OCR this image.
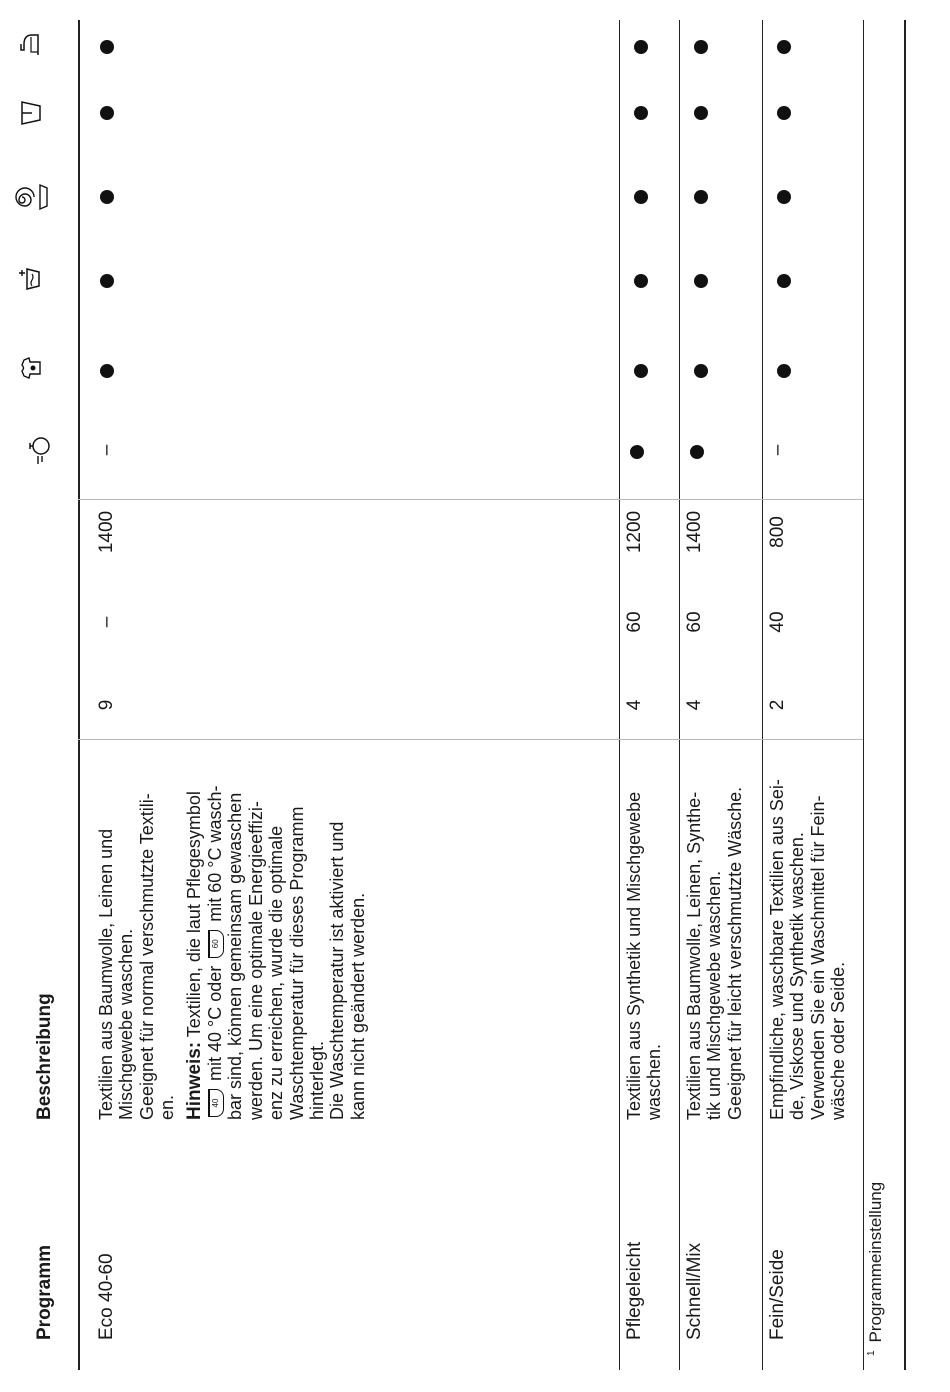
Programm
Beschreibung
Eco 40-60

Textilien aus Baumwolle, Leinen und Mischgewebe waschen. Geeignet für normal verschmutzte Textili- en. Hinweis: Textilien, die laut Pflegesymbol

40 mit 40 °C oder 60 mit 60 °C wasch- bar sind, können gemeinsam gewaschen werden. Um eine optimale Energieeffizi- enz zu erreichen, wurde die optimale Waschtemperatur für dieses Programm hinterlegt. Die Waschtemperatur ist aktiviert und kann nicht geändert werden.

9
–
1400
–
Pflegeleicht

Textilien aus Synthetik und Mischgewebe waschen.

4
60
1200
Schnell/Mix

Textilien aus Baumwolle, Leinen, Synthe- tik und Mischgewebe waschen. Geeignet für leicht verschmutzte Wäsche.

4
60
1400
Fein/Seide

Empfindliche, waschbare Textilien aus Sei- de, Viskose und Synthetik waschen. Verwenden Sie ein Waschmittel für Fein- wäsche oder Seide.

2
40
800
–
$^1$Programmeinstellung
